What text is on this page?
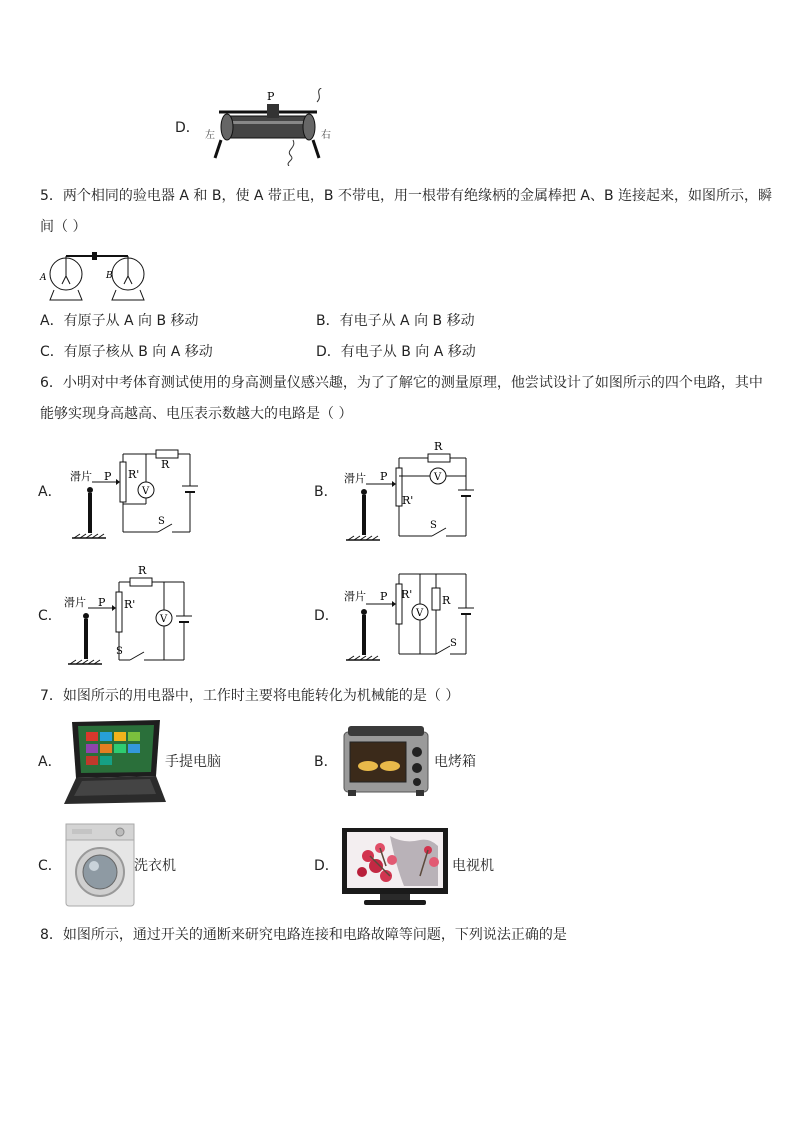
D．
P
左	右
5．两个相同的验电器 A 和 B，使 A 带正电，B 不带电，用一根带有绝缘柄的金属棒把 A、B 连接起来，如图所示，瞬
间（ ）
A	B
A．有原子从 A 向 B 移动	B．有电子从 A 向 B 移动
C．有原子核从 B 向 A 移动	D．有电子从 B 向 A 移动
6．小明对中考体育测试使用的身高测量仪感兴趣，为了了解它的测量原理，他尝试设计了如图所示的四个电路，其中
能够实现身高越高、电压表示数越大的电路是（ ）
A．
滑片 P R'
R
V
S
B．
滑片 P
R'
R
V
S
C．
滑片 P R'
R
V
S
D．
滑片 P R'	R
V
S
7．如图所示的用电器中，工作时主要将电能转化为机械能的是（ ）
A．	手提电脑	B．	电烤箱
C．	洗衣机	D．	电视机
8．如图所示，通过开关的通断来研究电路连接和电路故障等问题，下列说法正确的是
